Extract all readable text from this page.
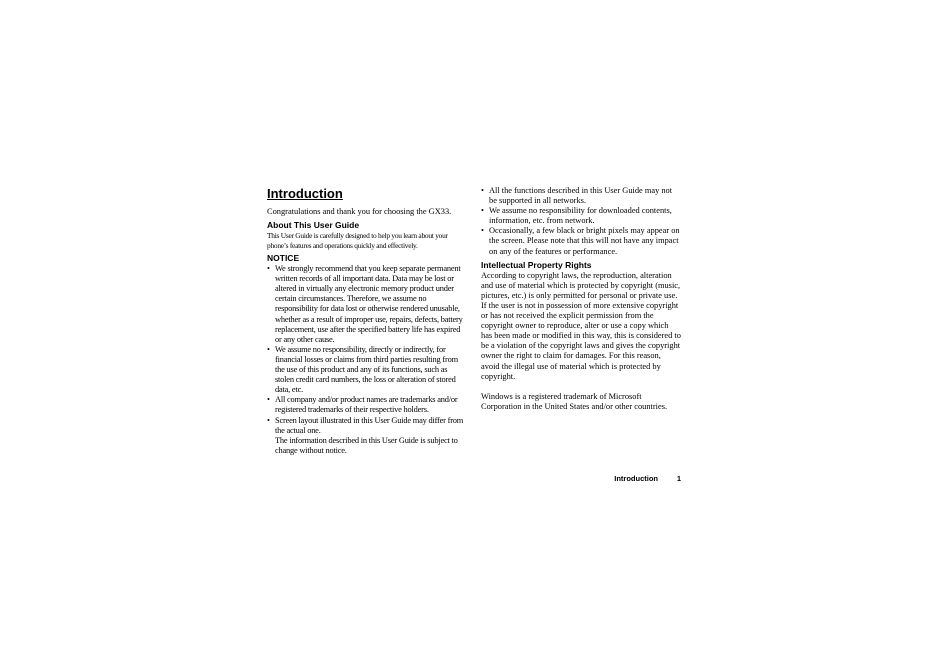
Introduction

Congratulations and thank you for choosing the GX33.

About This User Guide

This User Guide is carefully designed to help you learn about your phone’s features and operations quickly and effectively.

NOTICE
• We strongly recommend that you keep separate permanent written records of all important data. Data may be lost or altered in virtually any electronic memory product under certain circumstances. Therefore, we assume no responsibility for data lost or otherwise rendered unusable, whether as a result of improper use, repairs, defects, battery replacement, use after the specified battery life has expired or any other cause.
• We assume no responsibility, directly or indirectly, for financial losses or claims from third parties resulting from the use of this product and any of its functions, such as stolen credit card numbers, the loss or alteration of stored data, etc.
• All company and/or product names are trademarks and/or registered trademarks of their respective holders.
• Screen layout illustrated in this User Guide may differ from the actual one.
The information described in this User Guide is subject to change without notice.
• All the functions described in this User Guide may not be supported in all networks.
• We assume no responsibility for downloaded contents, information, etc. from network.
• Occasionally, a few black or bright pixels may appear on the screen. Please note that this will not have any impact on any of the features or performance.
Intellectual Property Rights

According to copyright laws, the reproduction, alteration and use of material which is protected by copyright (music, pictures, etc.) is only permitted for personal or private use. If the user is not in possession of more extensive copyright or has not received the explicit permission from the copyright owner to reproduce, alter or use a copy which has been made or modified in this way, this is considered to be a violation of the copyright laws and gives the copyright owner the right to claim for damages. For this reason, avoid the illegal use of material which is protected by copyright.

Windows is a registered trademark of Microsoft Corporation in the United States and/or other countries.

Introduction	1
